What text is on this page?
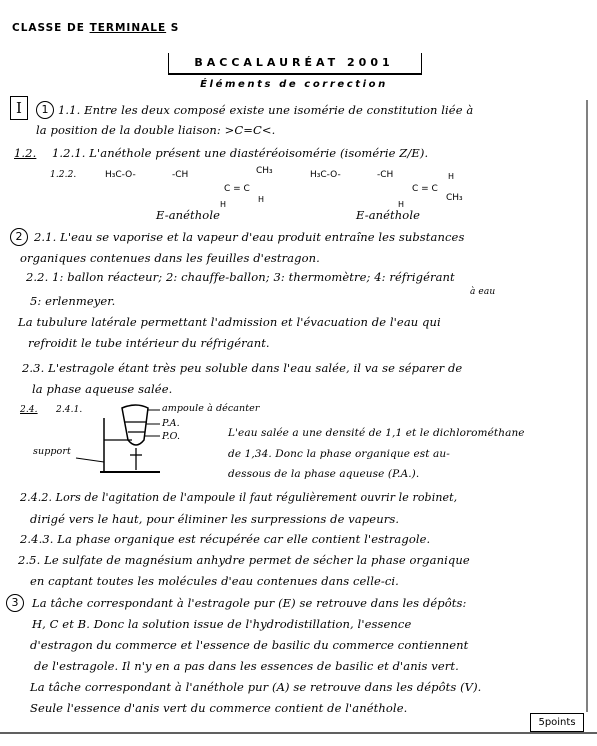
CLASSE DE TERMINALE S
BACCALAURÉAT 2001
Éléments de correction
I	1 1.1. Entre les deux composé existe une isomérie de constitution liée à
la position de la double liaison: >C=C<.
1.2. 1.2.1. L'anéthole présent une diastéréoisomérie (isomérie Z/E).
1.2.2.	H₃C-O-	-CH
C = C
CH₃
H
H
E-anéthole
H₃C-O-	-CH
C = C
H
H
CH₃
E-anéthole
2	2.1. L'eau se vaporise et la vapeur d'eau produit entraîne les substances
organiques contenues dans les feuilles d'estragon.
2.2. 1: ballon réacteur; 2: chauffe-ballon; 3: thermomètre; 4: réfrigérant
à eau
5: erlenmeyer.
La tubulure latérale permettant l'admission et l'évacuation de l'eau qui
refroidit le tube intérieur du réfrigérant.
2.3. L'estragole étant très peu soluble dans l'eau salée, il va se séparer de
la phase aqueuse salée.
2.4. 2.4.1.	ampoule à décanter
P.A.
P.O.
support
L'eau salée a une densité de 1,1 et le dichlorométhane
de 1,34. Donc la phase organique est au-
dessous de la phase aqueuse (P.A.).
2.4.2. Lors de l'agitation de l'ampoule il faut régulièrement ouvrir le robinet,
dirigé vers le haut, pour éliminer les surpressions de vapeurs.
2.4.3. La phase organique est récupérée car elle contient l'estragole.
2.5. Le sulfate de magnésium anhydre permet de sécher la phase organique
en captant toutes les molécules d'eau contenues dans celle-ci.
3	La tâche correspondant à l'estragole pur (E) se retrouve dans les dépôts:
H, C et B. Donc la solution issue de l'hydrodistillation, l'essence
d'estragon du commerce et l'essence de basilic du commerce contiennent
de l'estragole. Il n'y en a pas dans les essences de basilic et d'anis vert.
La tâche correspondant à l'anéthole pur (A) se retrouve dans les dépôts (V).
Seule l'essence d'anis vert du commerce contient de l'anéthole.
5points
